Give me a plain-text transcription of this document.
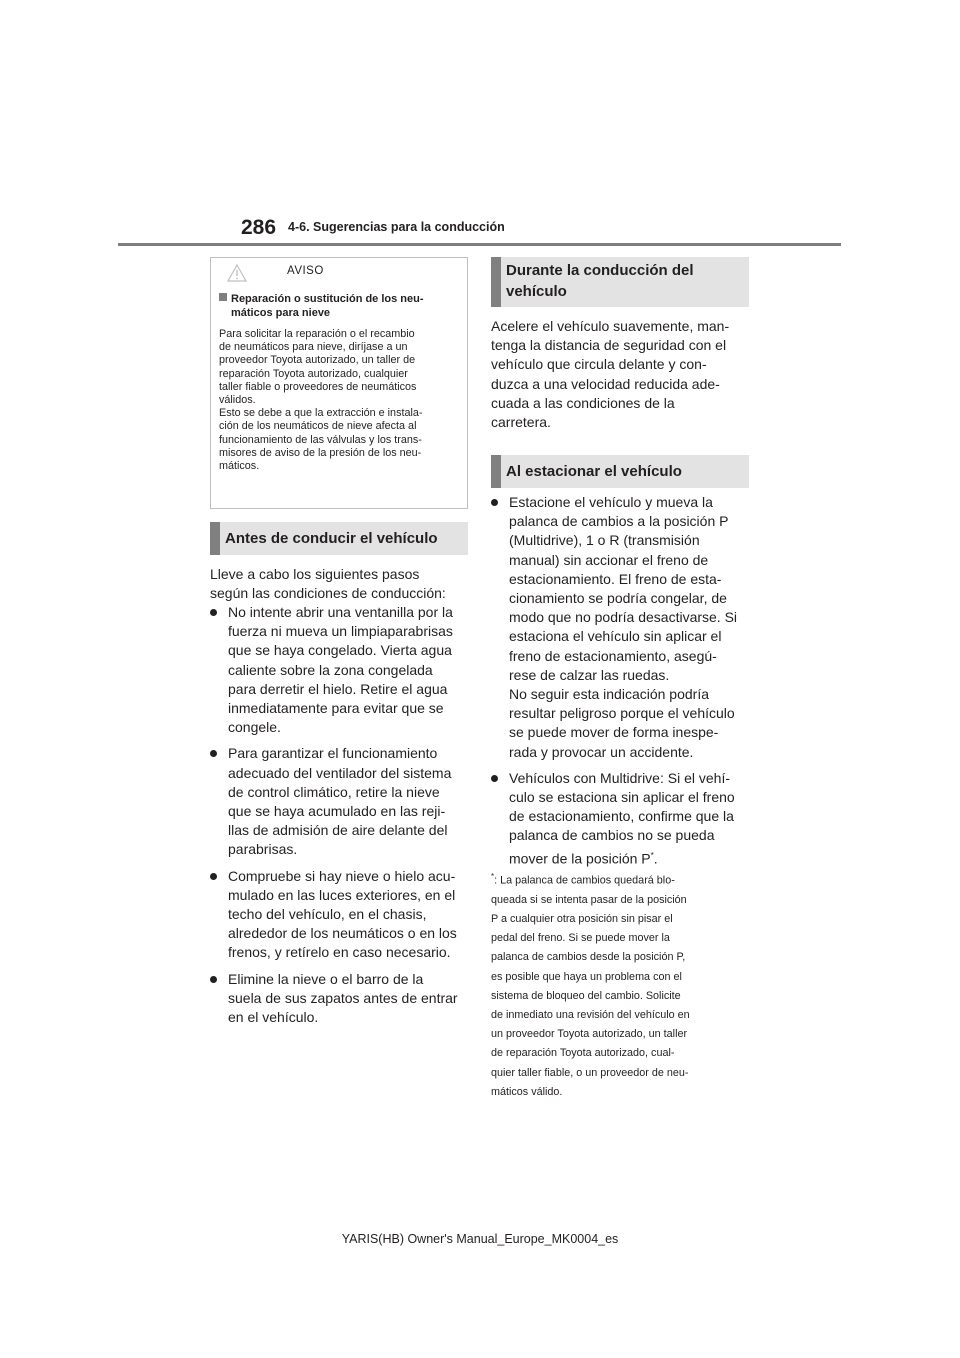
286 4-6. Sugerencias para la conducción
AVISO
Reparación o sustitución de los neu-
máticos para nieve
Para solicitar la reparación o el recambio
de neumáticos para nieve, diríjase a un
proveedor Toyota autorizado, un taller de
reparación Toyota autorizado, cualquier
taller fiable o proveedores de neumáticos
válidos.
Esto se debe a que la extracción e instala-
ción de los neumáticos de nieve afecta al
funcionamiento de las válvulas y los trans-
misores de aviso de la presión de los neu-
máticos.
Antes de conducir el vehículo
Lleve a cabo los siguientes pasos
según las condiciones de conducción:
No intente abrir una ventanilla por la
fuerza ni mueva un limpiaparabrisas
que se haya congelado. Vierta agua
caliente sobre la zona congelada
para derretir el hielo. Retire el agua
inmediatamente para evitar que se
congele.
Para garantizar el funcionamiento
adecuado del ventilador del sistema
de control climático, retire la nieve
que se haya acumulado en las reji-
llas de admisión de aire delante del
parabrisas.
Compruebe si hay nieve o hielo acu-
mulado en las luces exteriores, en el
techo del vehículo, en el chasis,
alrededor de los neumáticos o en los
frenos, y retírelo en caso necesario.
Elimine la nieve o el barro de la
suela de sus zapatos antes de entrar
en el vehículo.
Durante la conducción del
vehículo
Acelere el vehículo suavemente, man-
tenga la distancia de seguridad con el
vehículo que circula delante y con-
duzca a una velocidad reducida ade-
cuada a las condiciones de la
carretera.
Al estacionar el vehículo
Estacione el vehículo y mueva la
palanca de cambios a la posición P
(Multidrive), 1 o R (transmisión
manual) sin accionar el freno de
estacionamiento. El freno de esta-
cionamiento se podría congelar, de
modo que no podría desactivarse. Si
estaciona el vehículo sin aplicar el
freno de estacionamiento, asegú-
rese de calzar las ruedas.
No seguir esta indicación podría
resultar peligroso porque el vehículo
se puede mover de forma inespe-
rada y provocar un accidente.
Vehículos con Multidrive: Si el vehí-
culo se estaciona sin aplicar el freno
de estacionamiento, confirme que la
palanca de cambios no se pueda
mover de la posición P*.
*: La palanca de cambios quedará blo-
queada si se intenta pasar de la posición
P a cualquier otra posición sin pisar el
pedal del freno. Si se puede mover la
palanca de cambios desde la posición P,
es posible que haya un problema con el
sistema de bloqueo del cambio. Solicite
de inmediato una revisión del vehículo en
un proveedor Toyota autorizado, un taller
de reparación Toyota autorizado, cual-
quier taller fiable, o un proveedor de neu-
máticos válido.
YARIS(HB) Owner's Manual_Europe_MK0004_es
